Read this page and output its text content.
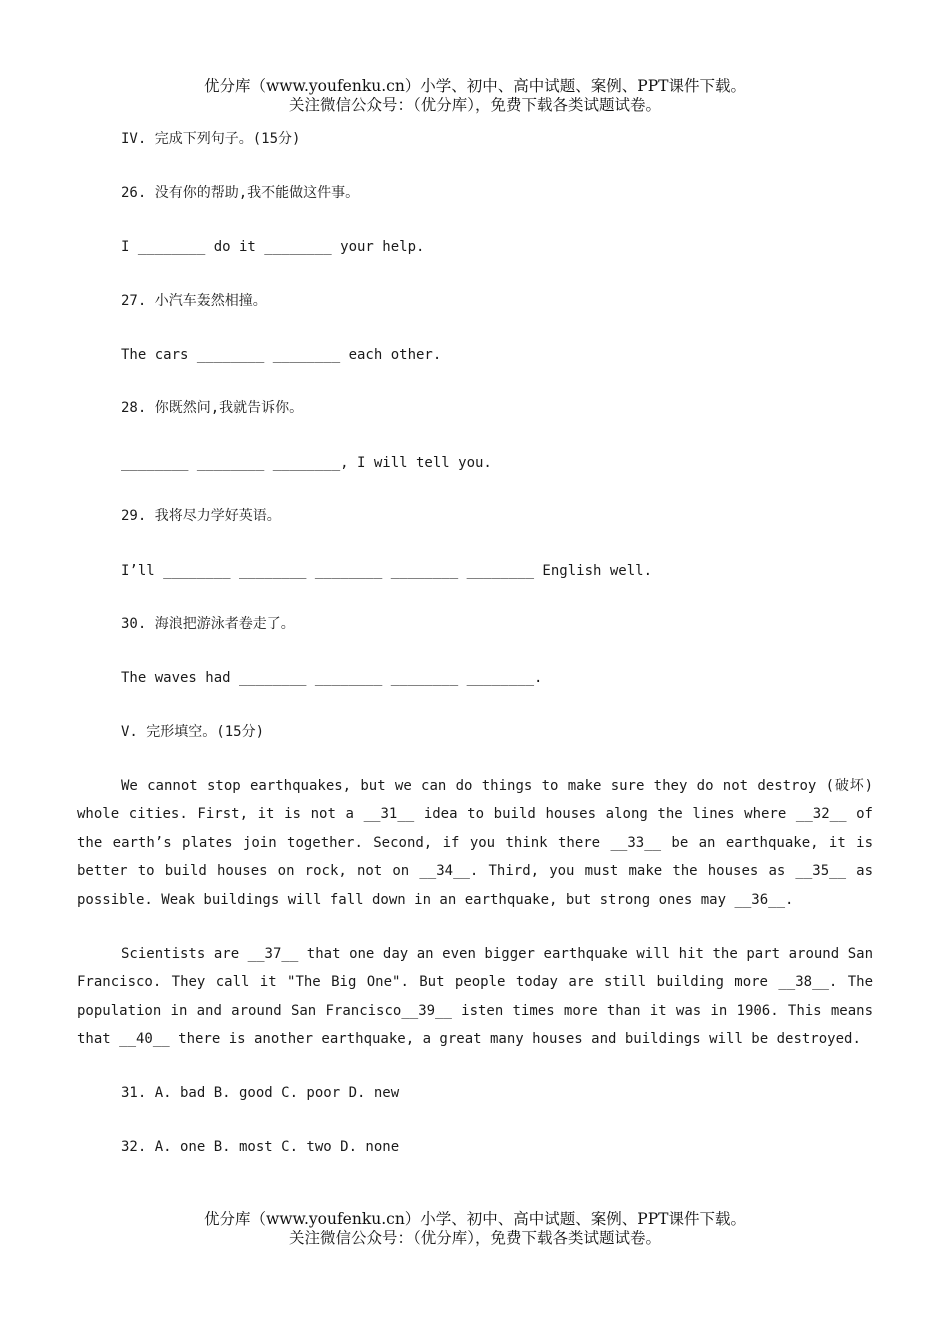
优分库（www.youfenku.cn）小学、初中、高中试题、案例、PPT课件下载。
关注微信公众号：（优分库），免费下载各类试题试卷。
IV. 完成下列句子。(15分)
26. 没有你的帮助,我不能做这件事。
I ________ do it ________ your help.
27. 小汽车轰然相撞。
The cars ________ ________ each other.
28. 你既然问,我就告诉你。
________ ________ ________, I will tell you.
29. 我将尽力学好英语。
I’ll ________ ________ ________ ________ ________ English well.
30. 海浪把游泳者卷走了。
The waves had ________ ________ ________ ________.
V. 完形填空。(15分)
We cannot stop earthquakes, but we can do things to make sure they do not destroy (破坏) whole cities. First, it is not a __31__ idea to build houses along the lines where __32__ of the earth’s plates join together. Second, if you think there __33__ be an earthquake, it is better to build houses on rock, not on __34__. Third, you must make the houses as __35__ as possible. Weak buildings will fall down in an earthquake, but strong ones may __36__.
Scientists are __37__ that one day an even bigger earthquake will hit the part around San Francisco. They call it "The Big One". But people today are still building more __38__. The population in and around San Francisco__39__ isten times more than it was in 1906. This means that __40__ there is another earthquake, a great many houses and buildings will be destroyed.
31. A. bad B. good C. poor D. new
32. A. one B. most C. two D. none
优分库（www.youfenku.cn）小学、初中、高中试题、案例、PPT课件下载。
关注微信公众号：（优分库），免费下载各类试题试卷。
